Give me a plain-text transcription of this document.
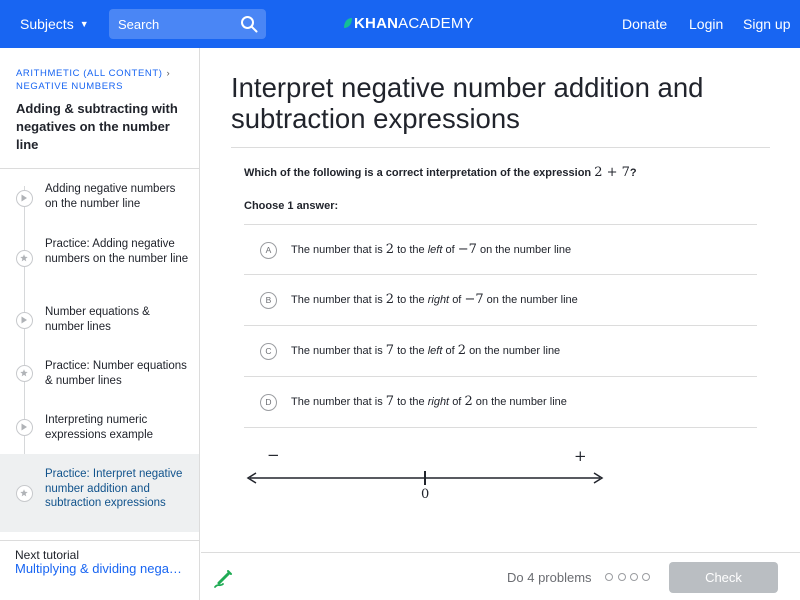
Subjects ▼
Search	KHANACADEMY	Donate Login Sign up
ARITHMETIC (ALL CONTENT) ›
NEGATIVE NUMBERS
Adding & subtracting with negatives on the number line
Adding negative numbers on the number line
Practice: Adding negative numbers on the number line
Number equations & number lines
Practice: Number equations & number lines
Interpreting numeric expressions example
Practice: Interpret negative number addition and subtraction expressions
Next tutorial
Multiplying & dividing nega…
Interpret negative number addition and subtraction expressions
Which of the following is a correct interpretation of the expression 2 + 7?
Choose 1 answer:
A	The number that is 2 to the left of −7 on the number line
B	The number that is 2 to the right of −7 on the number line
C	The number that is 7 to the left of 2 on the number line
D	The number that is 7 to the right of 2 on the number line
−	+
0
Do 4 problems	Check
